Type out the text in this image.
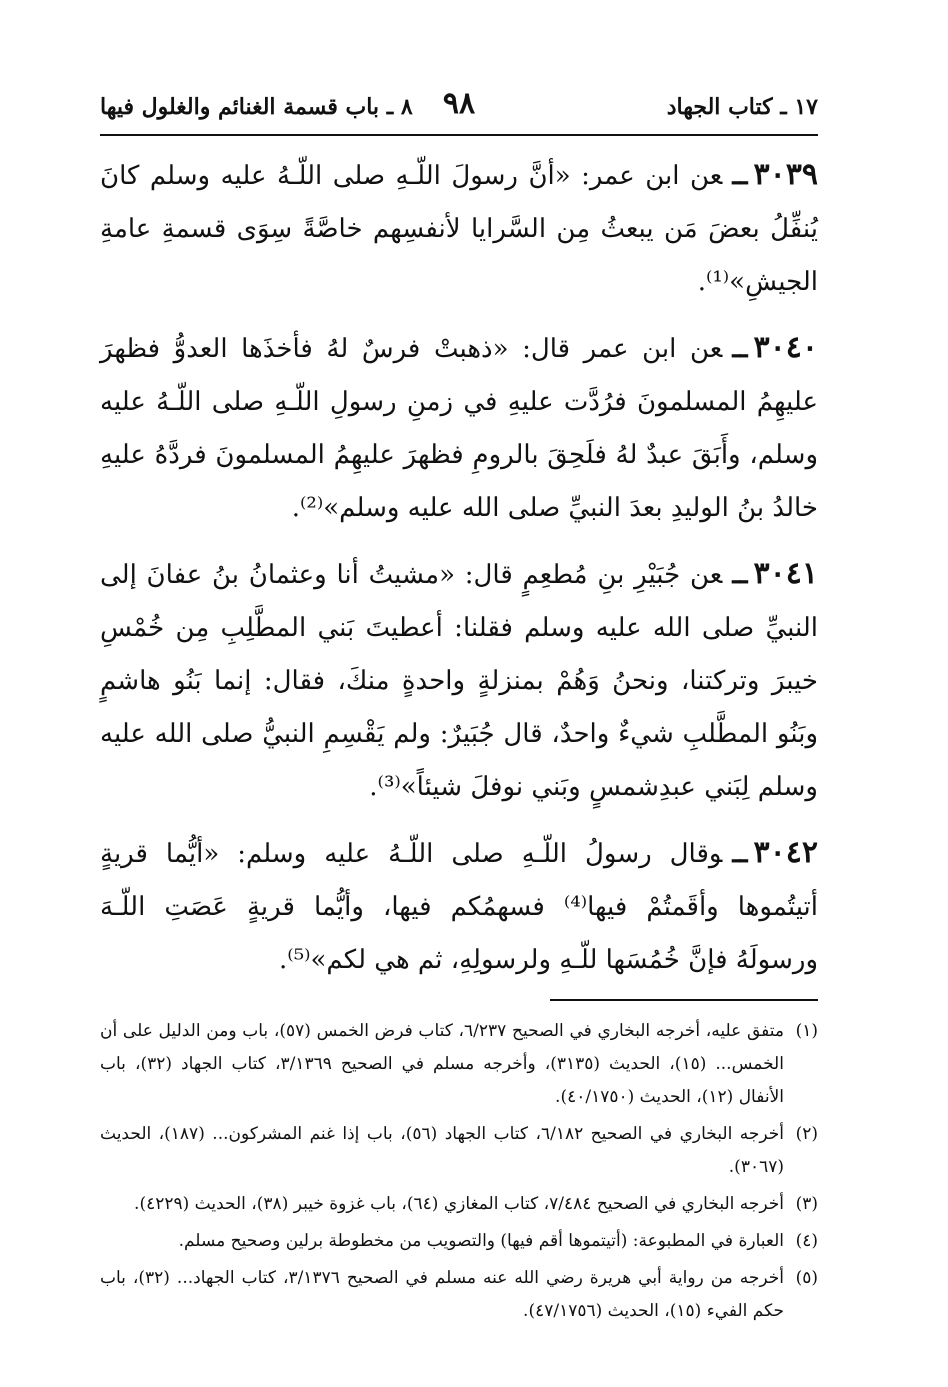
١٧ ـ كتاب الجهاد
٩٨
٨ ـ باب قسمة الغنائم والغلول فيها

٣٠٣٩ــعن ابن عمر: «أنَّ رسولَ اللّـهِ صلى اللّـهُ عليه وسلم كانَ يُنفِّلُ بعضَ مَن يبعثُ مِن السَّرايا لأنفسِهم خاصَّةً سِوَى قسمةِ عامةِ الجيشِ»⁽¹⁾.

٣٠٤٠ــعن ابن عمر قال: «ذهبتْ فرسٌ لهُ فأخذَها العدوُّ فظهرَ عليهِمُ المسلمونَ فرُدَّت عليهِ في زمنِ رسولِ اللّـهِ صلى اللّـهُ عليه وسلم، وأَبَقَ عبدٌ لهُ فلَحِقَ بالرومِ فظهرَ عليهِمُ المسلمونَ فردَّهُ عليهِ خالدُ بنُ الوليدِ بعدَ النبيِّ صلى الله عليه وسلم»⁽²⁾.

٣٠٤١ــعن جُبَيْرِ بنِ مُطعِمٍ قال: «مشيتُ أنا وعثمانُ بنُ عفانَ إلى النبيِّ صلى الله عليه وسلم فقلنا: أعطيتَ بَني المطَّلِبِ مِن خُمْسِ خيبرَ وتركتنا، ونحنُ وَهُمْ بمنزلةٍ واحدةٍ منكَ، فقال: إنما بَنُو هاشمٍ وبَنُو المطَّلبِ شيءٌ واحدٌ، قال جُبَيرٌ: ولم يَقْسِمِ النبيُّ صلى الله عليه وسلم لِبَني عبدِشمسٍ وبَني نوفلَ شيئاً»⁽³⁾.

٣٠٤٢ــوقال رسولُ اللّـهِ صلى اللّـهُ عليه وسلم: «أيُّما قريةٍ أتيتُموها وأقَمتُمْ فيها⁽⁴⁾ فسهمُكم فيها، وأيُّما قريةٍ عَصَتِ اللّـهَ ورسولَهُ فإنَّ خُمُسَها للّـهِ ولرسولِهِ، ثم هي لكم»⁽⁵⁾.

(١)
متفق عليه، أخرجه البخاري في الصحيح ٦/٢٣٧، كتاب فرض الخمس (٥٧)، باب ومن الدليل على أن الخمس... (١٥)، الحديث (٣١٣٥)، وأخرجه مسلم في الصحيح ٣/١٣٦٩، كتاب الجهاد (٣٢)، باب الأنفال (١٢)، الحديث (٤٠/١٧٥٠).
(٢)
أخرجه البخاري في الصحيح ٦/١٨٢، كتاب الجهاد (٥٦)، باب إذا غنم المشركون... (١٨٧)، الحديث (٣٠٦٧).
(٣)
أخرجه البخاري في الصحيح ٧/٤٨٤، كتاب المغازي (٦٤)، باب غزوة خيبر (٣٨)، الحديث (٤٢٢٩).
(٤)
العبارة في المطبوعة: (أتيتموها أقم فيها) والتصويب من مخطوطة برلين وصحيح مسلم.
(٥)
أخرجه من رواية أبي هريرة رضي الله عنه مسلم في الصحيح ٣/١٣٧٦، كتاب الجهاد... (٣٢)، باب حكم الفيء (١٥)، الحديث (٤٧/١٧٥٦).
